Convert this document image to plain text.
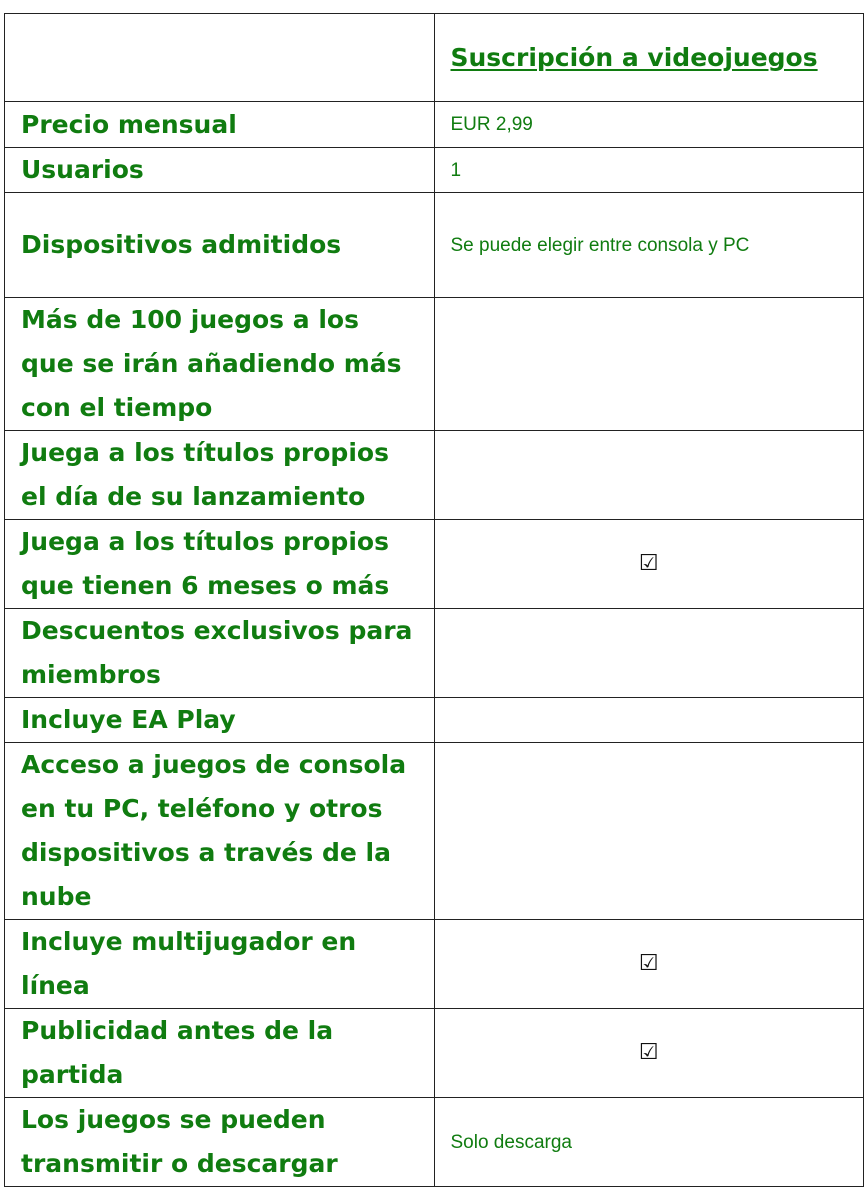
	Suscripción a videojuegos
Precio mensual	EUR 2,99
Usuarios	1
Dispositivos admitidos	Se puede elegir entre consola y PC
Más de 100 juegos a los que se irán añadiendo más con el tiempo	
Juega a los títulos propios el día de su lanzamiento	
Juega a los títulos propios que tienen 6 meses o más	☑
Descuentos exclusivos para miembros	
Incluye EA Play	
Acceso a juegos de consola en tu PC, teléfono y otros dispositivos a través de la nube	
Incluye multijugador en línea	☑
Publicidad antes de la partida	☑
Los juegos se pueden transmitir o descargar	Solo descarga
